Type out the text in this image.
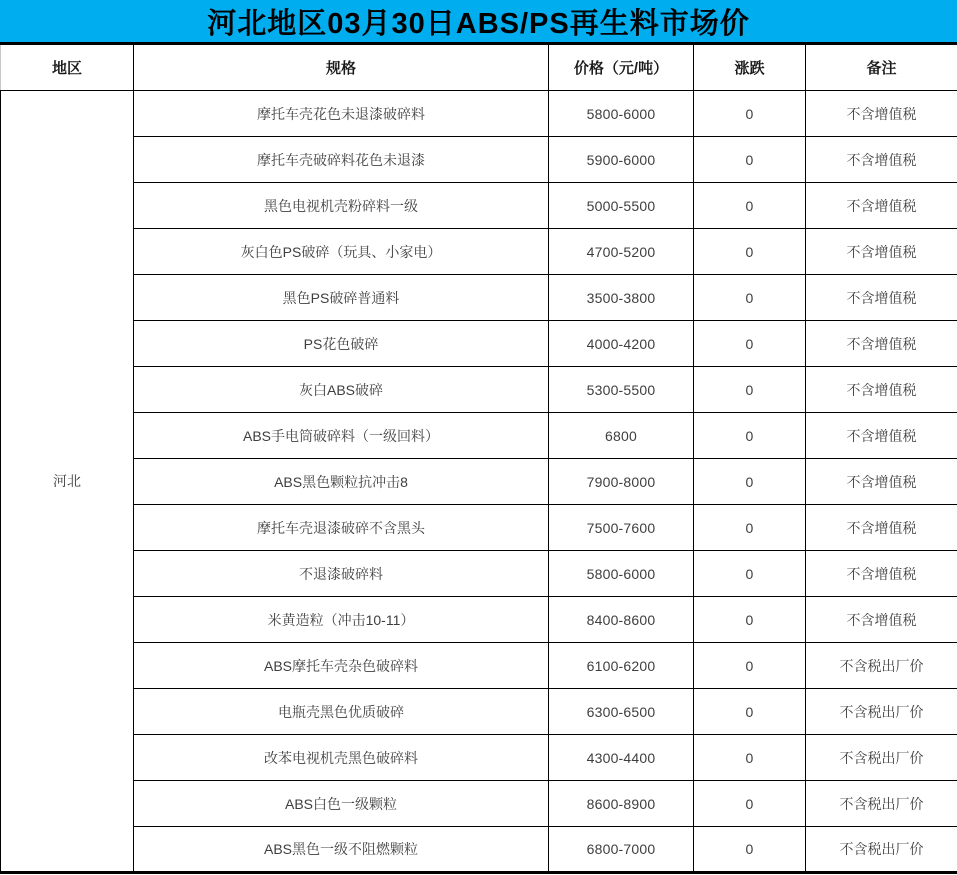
河北地区03月30日ABS/PS再生料市场价
地区	规格	价格（元/吨）	涨跌	备注
河北	摩托车壳花色未退漆破碎料	5800-6000	0	不含增值税
	摩托车壳破碎料花色未退漆	5900-6000	0	不含增值税
	黑色电视机壳粉碎料一级	5000-5500	0	不含增值税
	灰白色PS破碎（玩具、小家电）	4700-5200	0	不含增值税
	黑色PS破碎普通料	3500-3800	0	不含增值税
	PS花色破碎	4000-4200	0	不含增值税
	灰白ABS破碎	5300-5500	0	不含增值税
	ABS手电筒破碎料（一级回料）	6800	0	不含增值税
	ABS黑色颗粒抗冲击8	7900-8000	0	不含增值税
	摩托车壳退漆破碎不含黑头	7500-7600	0	不含增值税
	不退漆破碎料	5800-6000	0	不含增值税
	米黄造粒（冲击10-11）	8400-8600	0	不含增值税
	ABS摩托车壳杂色破碎料	6100-6200	0	不含税出厂价
	电瓶壳黑色优质破碎	6300-6500	0	不含税出厂价
	改苯电视机壳黑色破碎料	4300-4400	0	不含税出厂价
	ABS白色一级颗粒	8600-8900	0	不含税出厂价
	ABS黑色一级不阻燃颗粒	6800-7000	0	不含税出厂价
